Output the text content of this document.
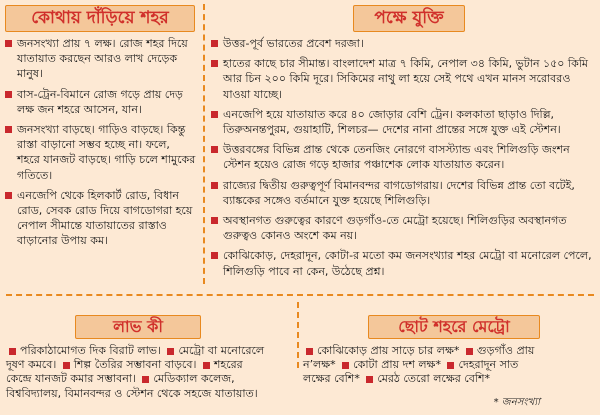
কোথায় দাঁড়িয়ে শহর
জনসংখ্যা প্রায় ৭ লক্ষ। রোজ শহর দিয়ে যাতায়াত করছেন আরও লাখ দেড়েক মানুষ।
বাস-ট্রেন-বিমানে রোজ গড়ে প্রায় দেড় লক্ষ জন শহরে আসেন, যান।
জনসংখ্যা বাড়ছে। গাড়িও বাড়ছে। কিন্তু রাস্তা বাড়ানো সম্ভব হচ্ছে না। ফলে, শহরে যানজট বাড়ছে। গাড়ি চলে শামুকের গতিতে।
এনজেপি থেকে হিলকার্ট রোড, বিধান রোড, সেবক রোড দিয়ে বাগডোগরা হয়ে নেপাল সীমান্তে যাতায়াতের রাস্তাও বাড়ানোর উপায় কম।
পক্ষে যুক্তি
উত্তর-পূর্ব ভারতের প্রবেশ দরজা।
হাতের কাছে চার সীমান্ত। বাংলাদেশ মাত্র ৭ কিমি, নেপাল ৩৪ কিমি, ভুটান ১৫০ কিমি আর চিন ২০০ কিমি দূরে। সিকিমের নাথু লা হয়ে সেই পথে এখন মানস সরোবরও যাওয়া যাচ্ছে।
এনজেপি হয়ে যাতায়াত করে ৪০ জোড়ার বেশি ট্রেন। কলকাতা ছাড়াও দিল্লি, তিরুঅনন্তপুরম, গুয়াহাটি, শিলচর— দেশের নানা প্রান্তের সঙ্গে যুক্ত এই স্টেশন।
উত্তরবঙ্গের বিভিন্ন প্রান্ত থেকে তেনজিং নোরগে বাসস্ট্যান্ড এবং শিলিগুড়ি জংশন স্টেশন হয়েও রোজ গড়ে হাজার পঞ্চাশেক লোক যাতায়াত করেন।
রাজ্যের দ্বিতীয় গুরুত্বপূর্ণ বিমানবন্দর বাগডোগরায়। দেশের বিভিন্ন প্রান্ত তো বটেই, ব্যাঙ্ককের সঙ্গেও বর্তমানে যুক্ত হয়েছে শিলিগুড়ি।
অবস্থানগত গুরুত্বের কারণে গুড়গাঁও-তে মেট্রো হয়েছে। শিলিগুড়ির অবস্থানগত গুরুত্বও কোনও অংশে কম নয়।
কোঝিকোড়, দেহরাদূন, কোটা-র মতো কম জনসংখ্যার শহর মেট্রো বা মনোরেল পেলে, শিলিগুড়ি পাবে না কেন, উঠেছে প্রশ্ন।
লাভ কী
পরিকাঠামোগত দিক বিরাট লাভ। মেট্রো বা মনোরেলে
দূষণ কমবে। শিল্প তৈরির সম্ভাবনা বাড়বে। শহরের
কেন্দ্রে যানজট কমার সম্ভাবনা। মেডিক্যাল কলেজ,
বিশ্ববিদ্যালয়, বিমানবন্দর ও স্টেশন থেকে সহজে যাতায়াত।
ছোট শহরে মেট্রো
কোঝিকোড় প্রায় সাড়ে চার লক্ষ* গুড়গাঁও প্রায়
ন’লক্ষ* কোটা প্রায় দশ লক্ষ* দেহরাদূন সাত
লক্ষের বেশি* মেরঠ তেরো লক্ষের বেশি*
* জনসংখ্যা
